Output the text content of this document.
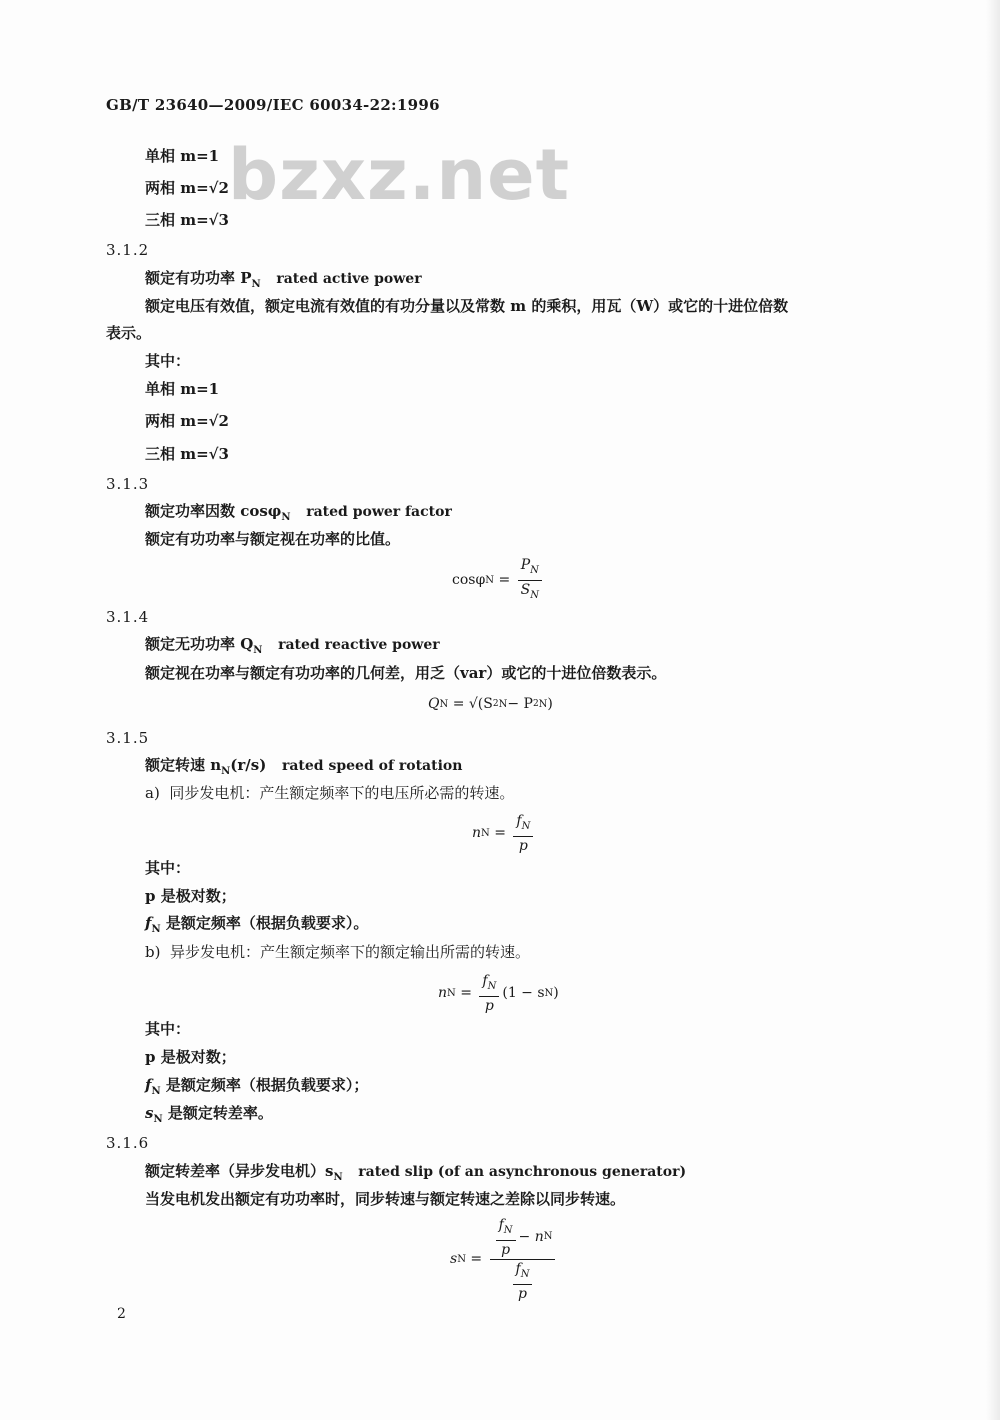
GB/T 23640—2009/IEC 60034-22:1996
bzxz.net
单相 m=1
两相 m=√2
三相 m=√3
3.1.2
额定有功功率 $P_N$ rated active power
额定电压有效值，额定电流有效值的有功分量以及常数 m 的乘积，用瓦（W）或它的十进位倍数
表示。
其中：
单相 m=1
两相 m=√2
三相 m=√3
3.1.3
额定功率因数 cosφ$_N$ rated power factor
额定有功功率与额定视在功率的比值。
cosφ N
=
$\frac{P_N}{S_N}$
3.1.4
额定无功功率 $Q_N$ rated reactive power
额定视在功率与额定有功功率的几何差，用乏（var）或它的十进位倍数表示。
Q N
= √(S 2 N − P 2 N )
3.1.5
额定转速 $n_N(r/s)$ rated speed of rotation
a) 同步发电机：产生额定频率下的电压所必需的转速。
n N
=
$\frac{f_N}{p}$
其中：
p 是极对数；
$f_N$ 是额定频率（根据负载要求）。
b) 异步发电机：产生额定频率下的额定输出所需的转速。
n N
=
$\frac{f_N}{p} (1 - s$ N )
其中：
p 是极对数；
$f_N$ 是额定频率（根据负载要求）；
$s_N$ 是额定转差率。
3.1.6
额定转差率（异步发电机）$s_N$ rated slip (of an asynchronous generator)
当发电机发出额定有功功率时，同步转速与额定转速之差除以同步转速。
s N
=
$\frac{\frac{f_N}{p} - n N}{\frac{f_N}{p}}$
2
